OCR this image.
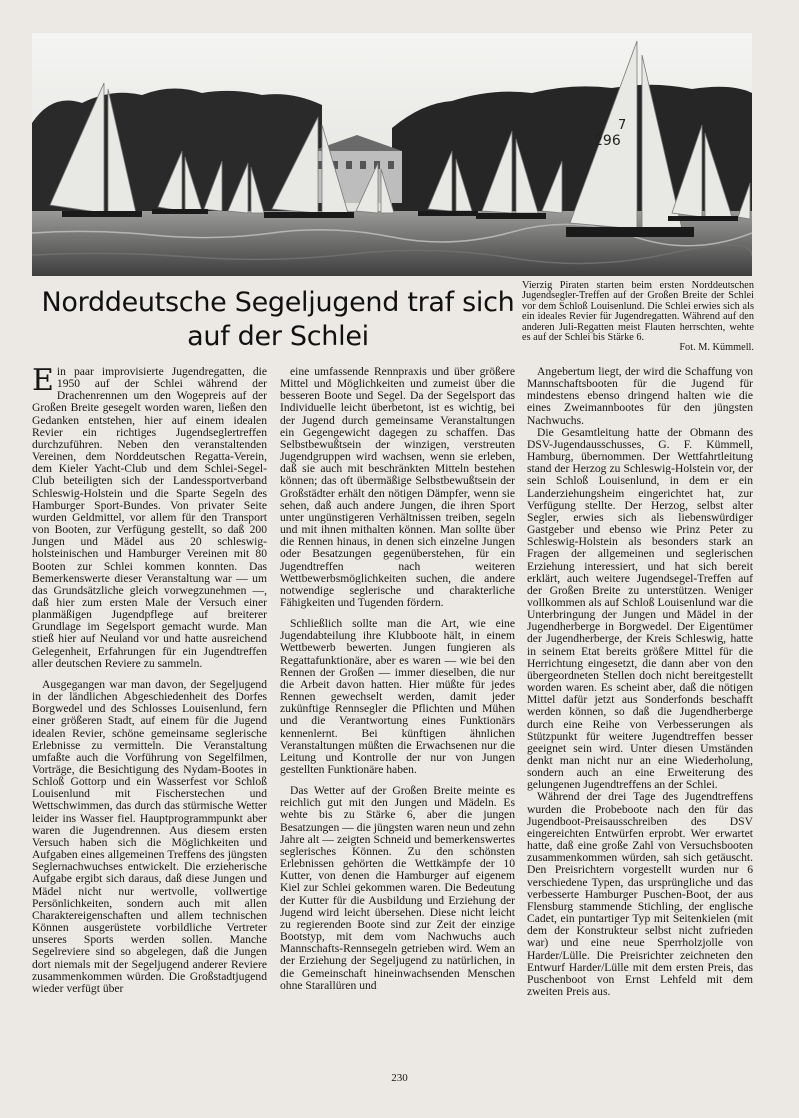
296
7
Vierzig Piraten starten beim ersten Norddeutschen Jugendsegler-Treffen auf der Großen Breite der Schlei vor dem Schloß Louisenlund. Die Schlei erwies sich als ein ideales Revier für Jugendregatten. Während auf den anderen Juli-Regatten meist Flauten herrschten, wehte es auf der Schlei bis Stärke 6.
Fot. M. Kümmell.
Norddeutsche Segeljugend traf sich
auf der Schlei

Ein paar improvisierte Jugendregatten, die 1950 auf der Schlei während der Drachenrennen um den Wogepreis auf der Großen Breite gesegelt worden waren, ließen den Gedanken entstehen, hier auf einem idealen Revier ein richtiges Jugendseglertreffen durchzuführen. Neben den veranstaltenden Vereinen, dem Norddeutschen Regatta-Verein, dem Kieler Yacht-Club und dem Schlei-Segel-Club beteiligten sich der Landessportverband Schleswig-Holstein und die Sparte Segeln des Hamburger Sport-Bundes. Von privater Seite wurden Geldmittel, vor allem für den Transport von Booten, zur Verfügung gestellt, so daß 200 Jungen und Mädel aus 20 schleswig-holsteinischen und Hamburger Vereinen mit 80 Booten zur Schlei kommen konnten. Das Bemerkenswerte dieser Veranstaltung war — um das Grundsätzliche gleich vorwegzunehmen —, daß hier zum ersten Male der Versuch einer planmäßigen Jugendpflege auf breiterer Grundlage im Segelsport gemacht wurde. Man stieß hier auf Neuland vor und hatte ausreichend Gelegenheit, Erfahrungen für ein Jugendtreffen aller deutschen Reviere zu sammeln.

Ausgegangen war man davon, der Segeljugend in der ländlichen Abgeschiedenheit des Dorfes Borgwedel und des Schlosses Louisenlund, fern einer größeren Stadt, auf einem für die Jugend idealen Revier, schöne gemeinsame seglerische Erlebnisse zu vermitteln. Die Veranstaltung umfaßte auch die Vorführung von Segelfilmen, Vorträge, die Besichtigung des Nydam-Bootes in Schloß Gottorp und ein Wasserfest vor Schloß Louisenlund mit Fischerstechen und Wettschwimmen, das durch das stürmische Wetter leider ins Wasser fiel. Hauptprogrammpunkt aber waren die Jugendrennen. Aus diesem ersten Versuch haben sich die Möglichkeiten und Aufgaben eines allgemeinen Treffens des jüngsten Seglernachwuchses entwickelt. Die erzieherische Aufgabe ergibt sich daraus, daß diese Jungen und Mädel nicht nur wertvolle, vollwertige Persönlichkeiten, sondern auch mit allen Charaktereigenschaften und allem technischen Können ausgerüstete vorbildliche Vertreter unseres Sports werden sollen. Manche Segelreviere sind so abgelegen, daß die Jungen dort niemals mit der Segeljugend anderer Reviere zusammenkommen würden. Die Großstadtjugend wieder verfügt über

eine umfassende Rennpraxis und über größere Mittel und Möglichkeiten und zumeist über die besseren Boote und Segel. Da der Segelsport das Individuelle leicht überbetont, ist es wichtig, bei der Jugend durch gemeinsame Veranstaltungen ein Gegengewicht dagegen zu schaffen. Das Selbstbewußtsein der winzigen, verstreuten Jugendgruppen wird wachsen, wenn sie erleben, daß sie auch mit beschränkten Mitteln bestehen können; das oft übermäßige Selbstbewußtsein der Großstädter erhält den nötigen Dämpfer, wenn sie sehen, daß auch andere Jungen, die ihren Sport unter ungünstigeren Verhältnissen treiben, segeln und mit ihnen mithalten können. Man sollte über die Rennen hinaus, in denen sich einzelne Jungen oder Besatzungen gegenüberstehen, für ein Jugendtreffen nach weiteren Wettbewerbsmöglichkeiten suchen, die andere notwendige seglerische und charakterliche Fähigkeiten und Tugenden fördern.

Schließlich sollte man die Art, wie eine Jugendabteilung ihre Klubboote hält, in einem Wettbewerb bewerten. Jungen fungieren als Regattafunktionäre, aber es waren — wie bei den Rennen der Großen — immer dieselben, die nur die Arbeit davon hatten. Hier müßte für jedes Rennen gewechselt werden, damit jeder zukünftige Rennsegler die Pflichten und Mühen und die Verantwortung eines Funktionärs kennenlernt. Bei künftigen ähnlichen Veranstaltungen müßten die Erwachsenen nur die Leitung und Kontrolle der nur von Jungen gestellten Funktionäre haben.

Das Wetter auf der Großen Breite meinte es reichlich gut mit den Jungen und Mädeln. Es wehte bis zu Stärke 6, aber die jungen Besatzungen — die jüngsten waren neun und zehn Jahre alt — zeigten Schneid und bemerkenswertes seglerisches Können. Zu den schönsten Erlebnissen gehörten die Wettkämpfe der 10 Kutter, von denen die Hamburger auf eigenem Kiel zur Schlei gekommen waren. Die Bedeutung der Kutter für die Ausbildung und Erziehung der Jugend wird leicht übersehen. Diese nicht leicht zu regierenden Boote sind zur Zeit der einzige Bootstyp, mit dem vom Nachwuchs auch Mannschafts-Rennsegeln getrieben wird. Wem an der Erziehung der Segeljugend zu natürlichen, in die Gemeinschaft hineinwachsenden Menschen ohne Starallüren und

Angebertum liegt, der wird die Schaffung von Mannschaftsbooten für die Jugend für mindestens ebenso dringend halten wie die eines Zweimannbootes für den jüngsten Nachwuchs.

Die Gesamtleitung hatte der Obmann des DSV-Jugendausschusses, G. F. Kümmell, Hamburg, übernommen. Der Wettfahrtleitung stand der Herzog zu Schleswig-Holstein vor, der sein Schloß Louisenlund, in dem er ein Landerziehungsheim eingerichtet hat, zur Verfügung stellte. Der Herzog, selbst alter Segler, erwies sich als liebenswürdiger Gastgeber und ebenso wie Prinz Peter zu Schleswig-Holstein als besonders stark an Fragen der allgemeinen und seglerischen Erziehung interessiert, und hat sich bereit erklärt, auch weitere Jugendsegel-Treffen auf der Großen Breite zu unterstützen. Weniger vollkommen als auf Schloß Louisenlund war die Unterbringung der Jungen und Mädel in der Jugendherberge in Borgwedel. Der Eigentümer der Jugendherberge, der Kreis Schleswig, hatte in seinem Etat bereits größere Mittel für die Herrichtung eingesetzt, die dann aber von den übergeordneten Stellen doch nicht bereitgestellt worden waren. Es scheint aber, daß die nötigen Mittel dafür jetzt aus Sonderfonds beschafft werden können, so daß die Jugendherberge durch eine Reihe von Verbesserungen als Stützpunkt für weitere Jugendtreffen besser geeignet sein wird. Unter diesen Umständen denkt man nicht nur an eine Wiederholung, sondern auch an eine Erweiterung des gelungenen Jugendtreffens an der Schlei.

Während der drei Tage des Jugendtreffens wurden die Probeboote nach den für das Jugendboot-Preisausschreiben des DSV eingereichten Entwürfen erprobt. Wer erwartet hatte, daß eine große Zahl von Versuchsbooten zusammenkommen würden, sah sich getäuscht. Den Preisrichtern vorgestellt wurden nur 6 verschiedene Typen, das ursprüngliche und das verbesserte Hamburger Puschen-Boot, der aus Flensburg stammende Stichling, der englische Cadet, ein puntartiger Typ mit Seitenkielen (mit dem der Konstrukteur selbst nicht zufrieden war) und eine neue Sperrholzjolle von Harder/Lülle. Die Preisrichter zeichneten den Entwurf Harder/Lülle mit dem ersten Preis, das Puschenboot von Ernst Lehfeld mit dem zweiten Preis aus.

230
